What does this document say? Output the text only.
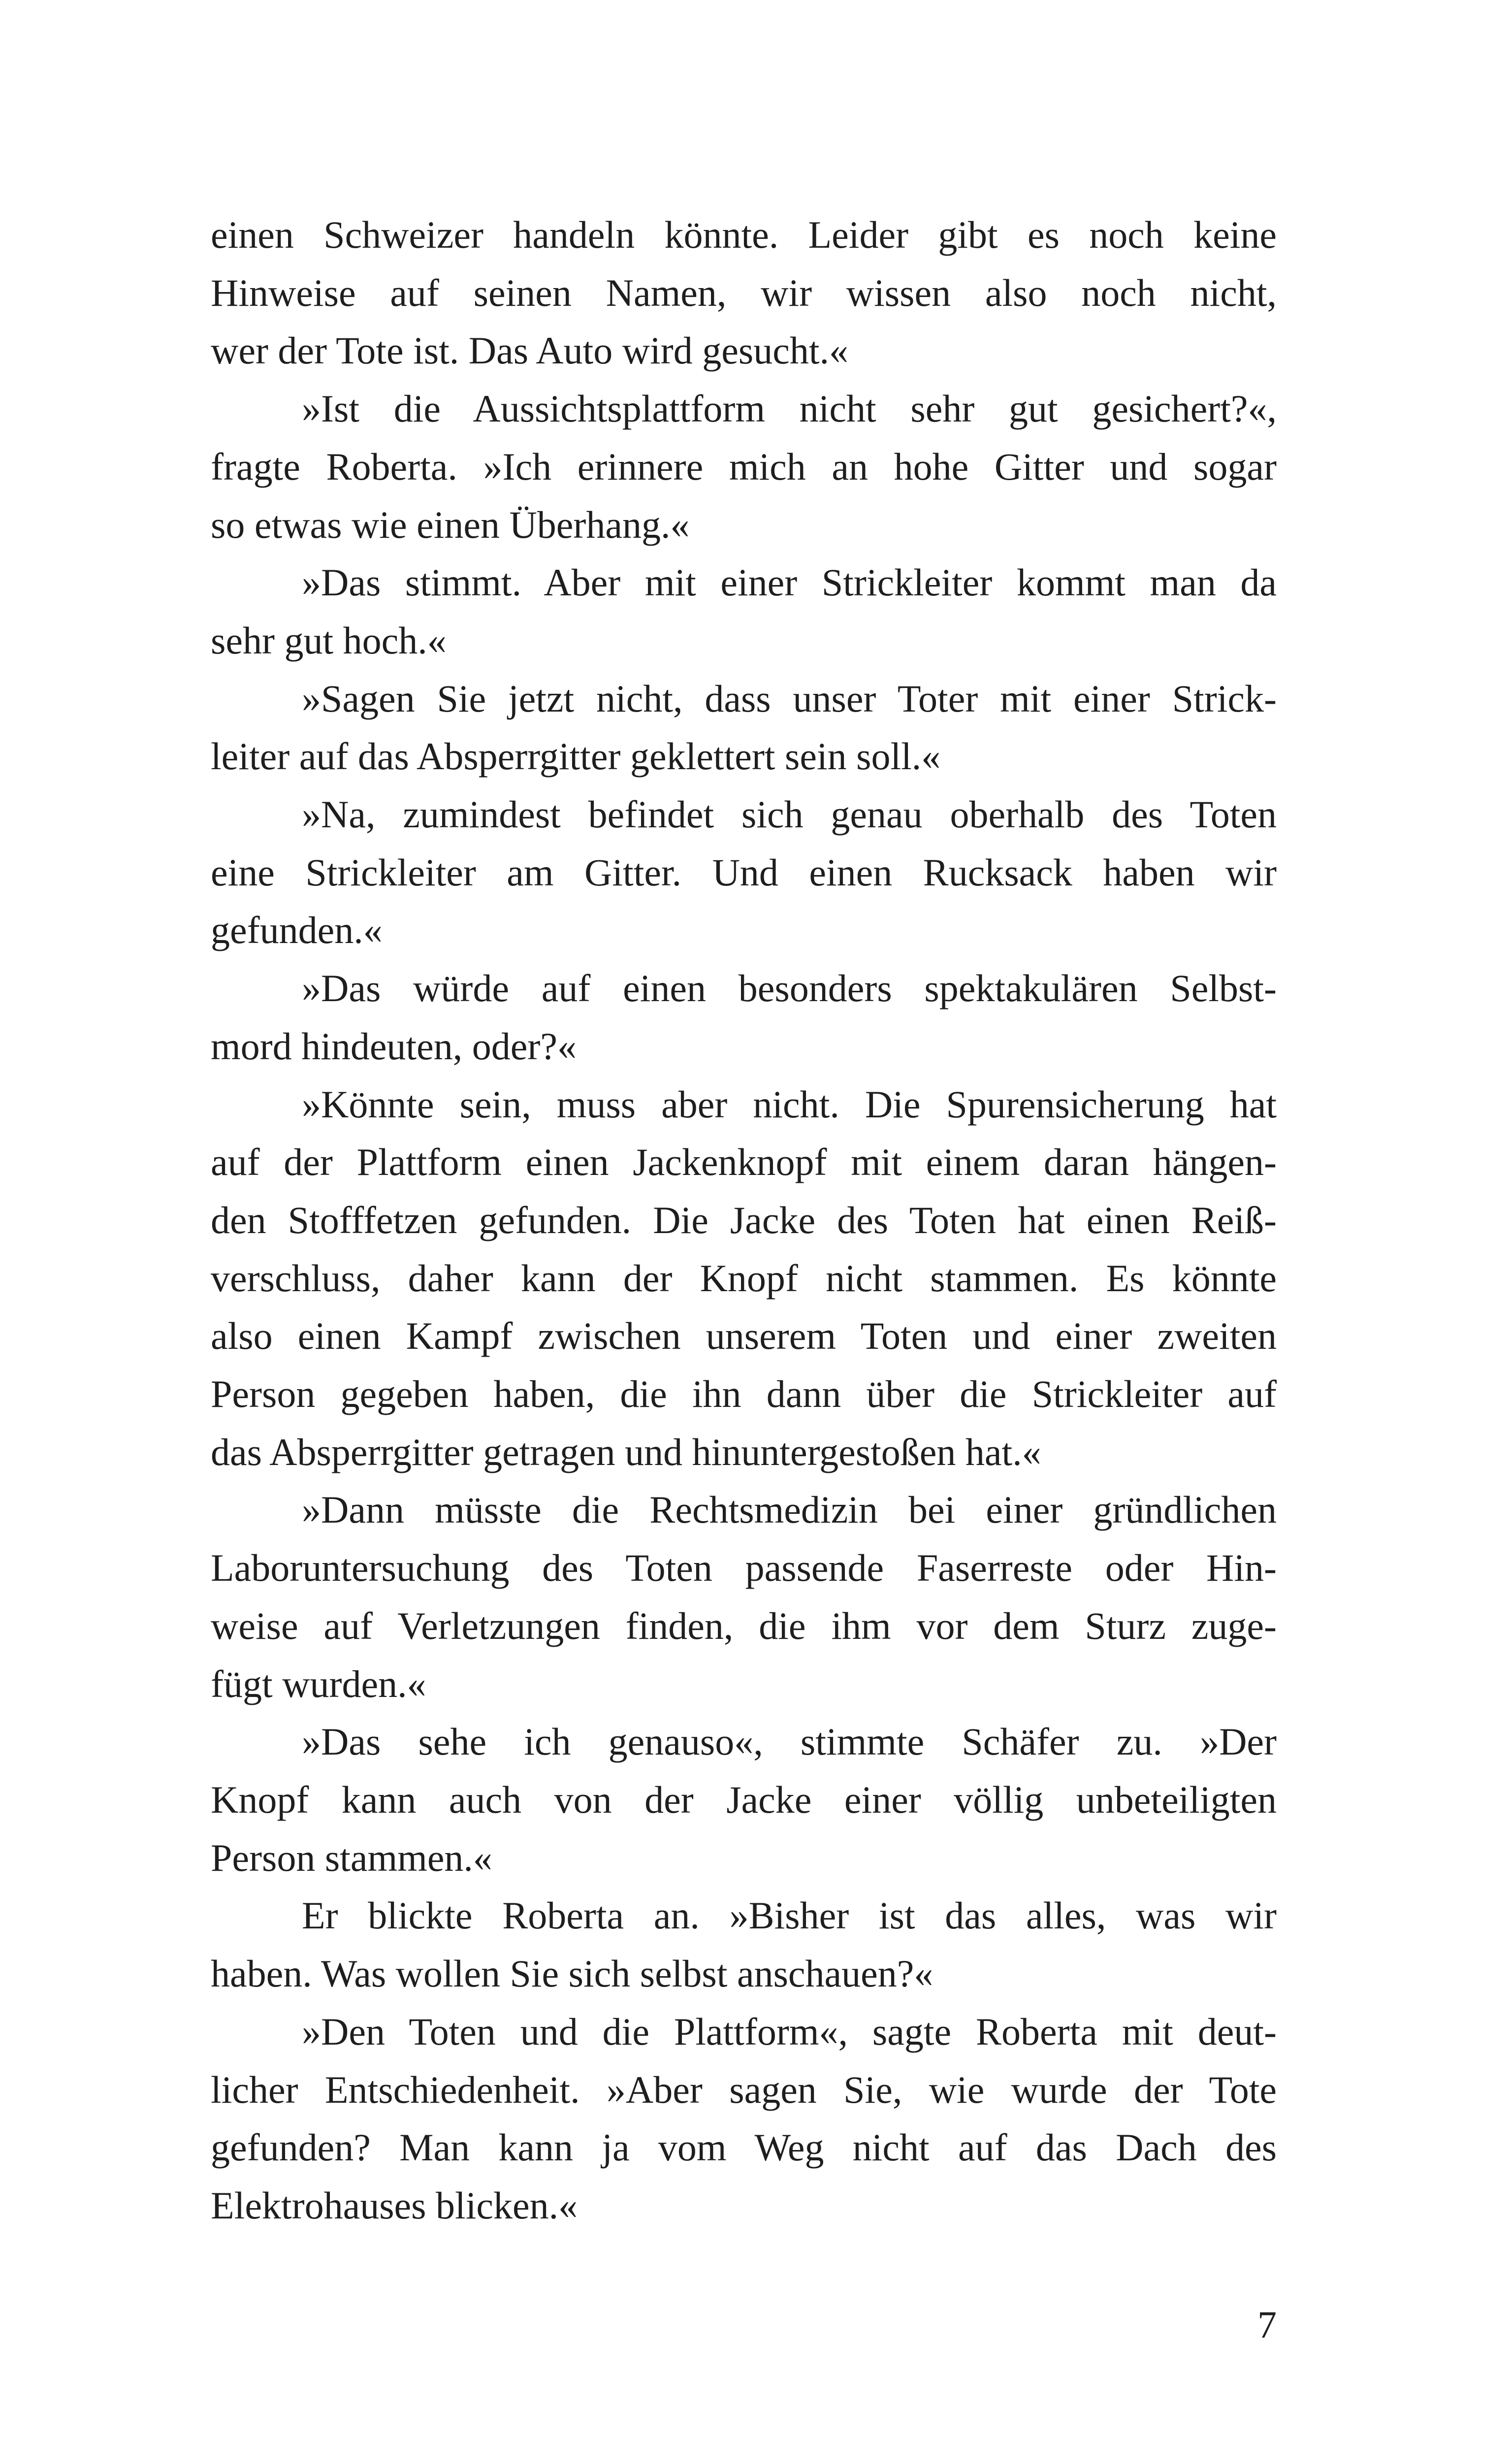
einen Schweizer handeln könnte. Leider gibt es noch keine
Hinweise auf seinen Namen, wir wissen also noch nicht,
wer der Tote ist. Das Auto wird gesucht.«
»Ist die Aussichtsplattform nicht sehr gut gesichert?«,
fragte Roberta. »Ich erinnere mich an hohe Gitter und sogar
so etwas wie einen Überhang.«
»Das stimmt. Aber mit einer Strickleiter kommt man da
sehr gut hoch.«
»Sagen Sie jetzt nicht, dass unser Toter mit einer Strick-
leiter auf das Absperrgitter geklettert sein soll.«
»Na, zumindest befindet sich genau oberhalb des Toten
eine Strickleiter am Gitter. Und einen Rucksack haben wir
gefunden.«
»Das würde auf einen besonders spektakulären Selbst-
mord hindeuten, oder?«
»Könnte sein, muss aber nicht. Die Spurensicherung hat
auf der Plattform einen Jackenknopf mit einem daran hängen-
den Stofffetzen gefunden. Die Jacke des Toten hat einen Reiß-
verschluss, daher kann der Knopf nicht stammen. Es könnte
also einen Kampf zwischen unserem Toten und einer zweiten
Person gegeben haben, die ihn dann über die Strickleiter auf
das Absperrgitter getragen und hinuntergestoßen hat.«
»Dann müsste die Rechtsmedizin bei einer gründlichen
Laboruntersuchung des Toten passende Faserreste oder Hin-
weise auf Verletzungen finden, die ihm vor dem Sturz zuge-
fügt wurden.«
»Das sehe ich genauso«, stimmte Schäfer zu. »Der
Knopf kann auch von der Jacke einer völlig unbeteiligten
Person stammen.«
Er blickte Roberta an. »Bisher ist das alles, was wir
haben. Was wollen Sie sich selbst anschauen?«
»Den Toten und die Plattform«, sagte Roberta mit deut-
licher Entschiedenheit. »Aber sagen Sie, wie wurde der Tote
gefunden? Man kann ja vom Weg nicht auf das Dach des
Elektrohauses blicken.«
7
